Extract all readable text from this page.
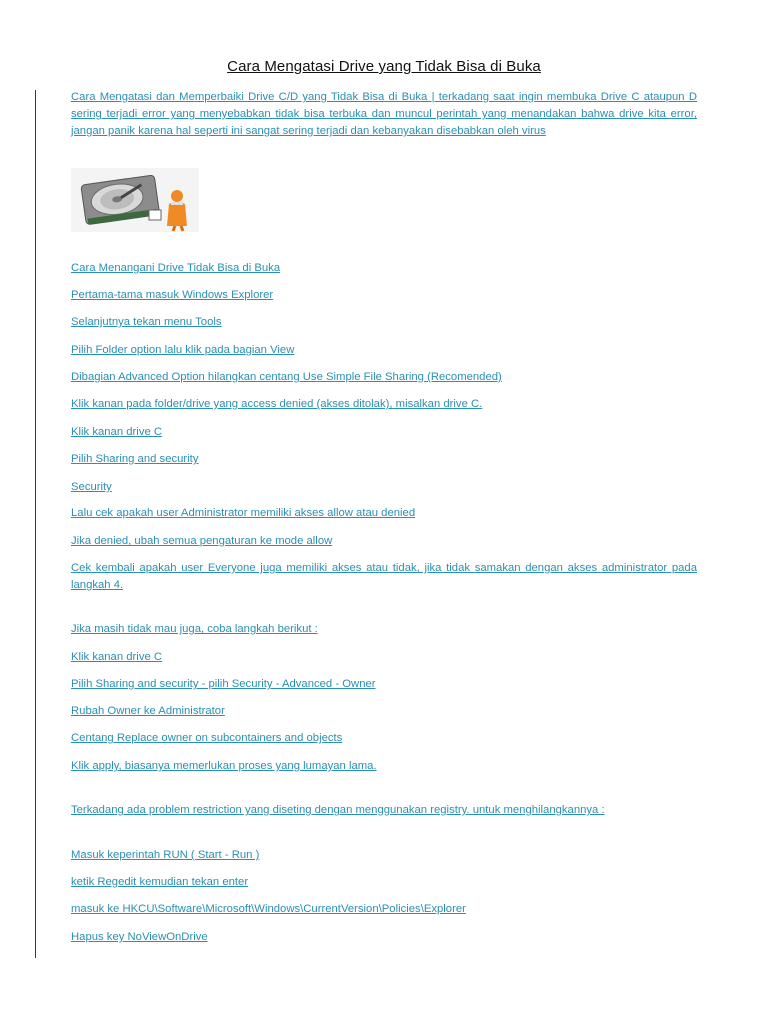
Cara Mengatasi Drive yang Tidak Bisa di Buka
Cara Mengatasi dan Memperbaiki Drive C/D yang Tidak Bisa di Buka | terkadang saat ingin membuka Drive C ataupun D sering terjadi error yang menyebabkan tidak bisa terbuka dan muncul perintah yang menandakan bahwa drive kita error, jangan panik karena hal seperti ini sangat sering terjadi dan kebanyakan disebabkan oleh virus
Cara Menangani Drive Tidak Bisa di Buka
Pertama-tama masuk Windows Explorer
Selanjutnya tekan menu Tools
Pilih Folder option lalu klik pada bagian View
Dibagian Advanced Option hilangkan centang Use Simple File Sharing (Recomended)
Klik kanan pada folder/drive yang access denied (akses ditolak), misalkan drive C.
Klik kanan drive C
Pilih Sharing and security
Security
Lalu cek apakah user Administrator memiliki akses allow atau denied
Jika denied, ubah semua pengaturan ke mode allow
Cek kembali apakah user Everyone juga memiliki akses atau tidak, jika tidak samakan dengan akses administrator pada langkah 4.
Jika masih tidak mau juga, coba langkah berikut :
Klik kanan drive C
Pilih Sharing and security - pilih Security - Advanced - Owner
Rubah Owner ke Administrator
Centang Replace owner on subcontainers and objects
Klik apply, biasanya memerlukan proses yang lumayan lama.
Terkadang ada problem restriction yang diseting dengan menggunakan registry. untuk menghilangkannya :
Masuk keperintah RUN ( Start - Run )
ketik Regedit kemudian tekan enter
masuk ke HKCU\Software\Microsoft\Windows\CurrentVersion\Policies\Explorer
Hapus key NoViewOnDrive
